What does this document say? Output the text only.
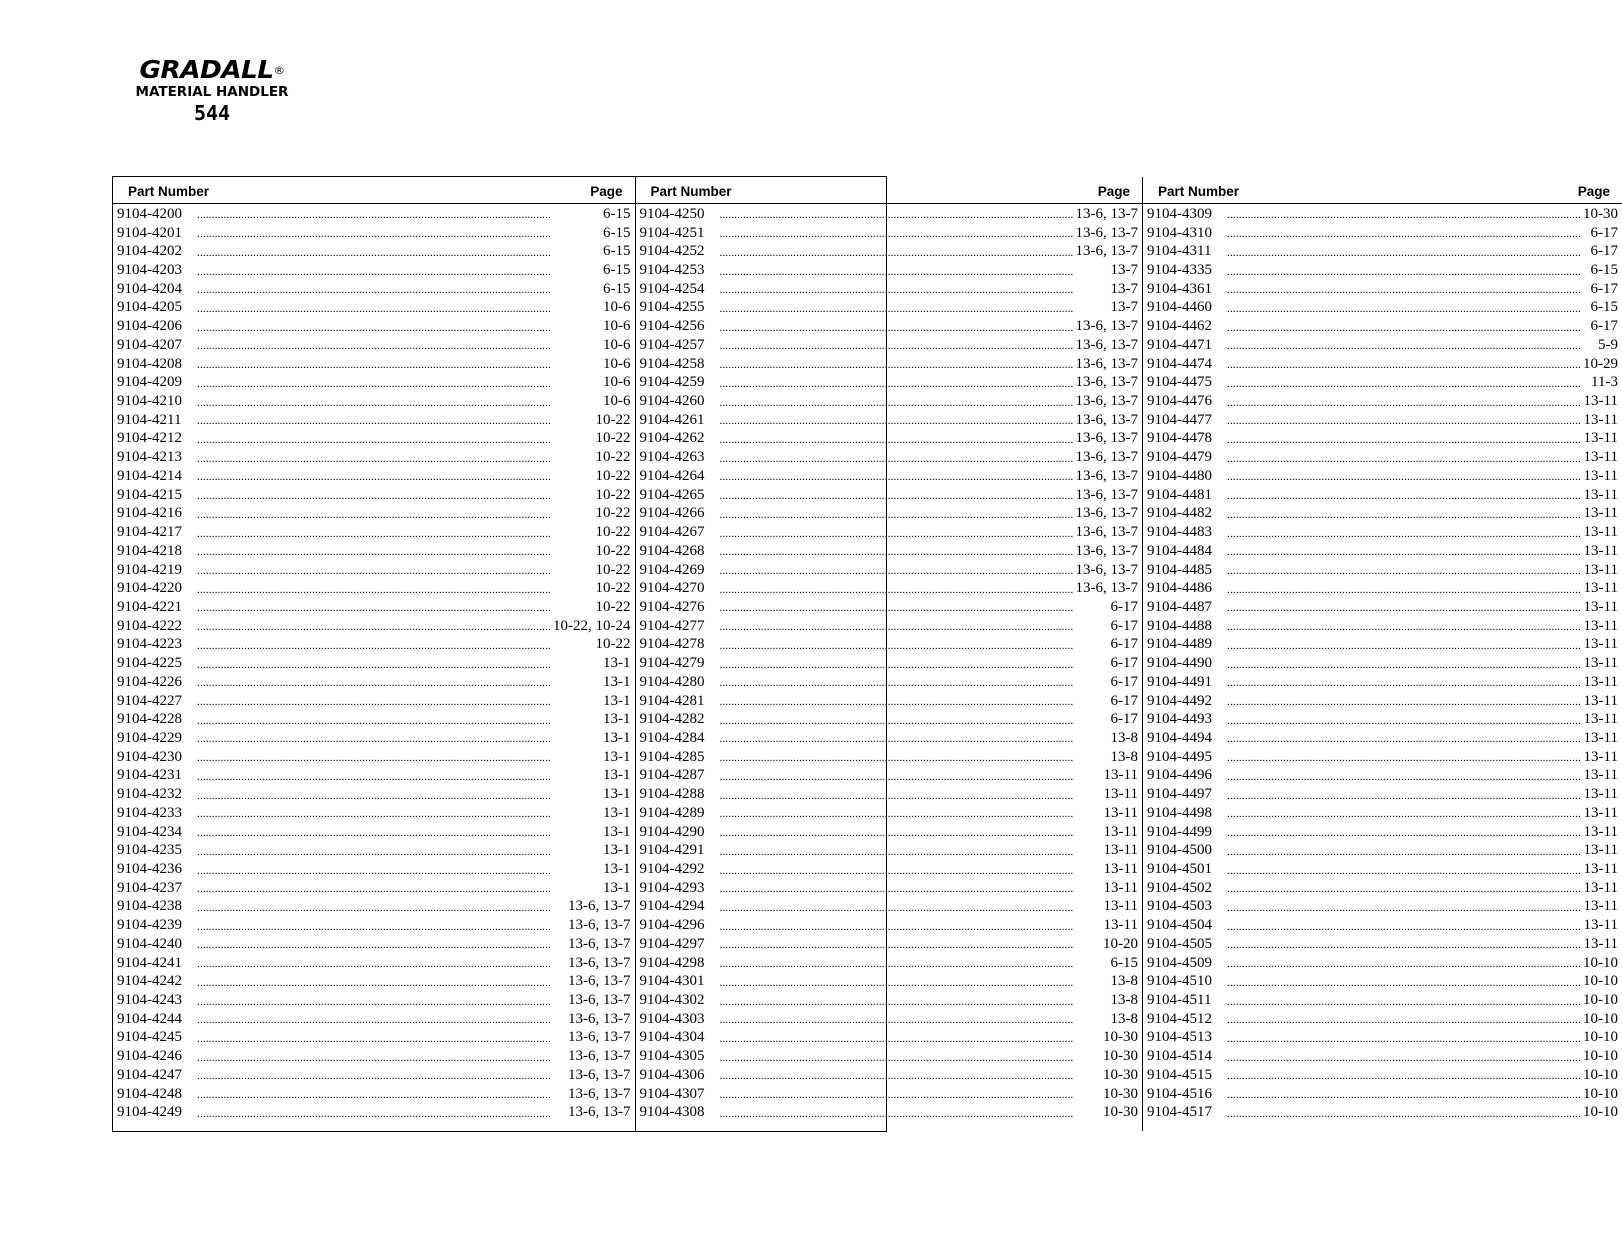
GRADALL®
MATERIAL HANDLER
544
Part Number	Page
9104-4200 .....	6-15
9104-4201 .....	6-15
9104-4202 .....	6-15
9104-4203 .....	6-15
9104-4204 .....	6-15
9104-4205 .....	10-6
9104-4206 .....	10-6
9104-4207 .....	10-6
9104-4208 .....	10-6
9104-4209 .....	10-6
9104-4210 .....	10-6
9104-4211 .....	10-22
9104-4212 .....	10-22
9104-4213 .....	10-22
9104-4214 .....	10-22
9104-4215 .....	10-22
9104-4216 .....	10-22
9104-4217 .....	10-22
9104-4218 .....	10-22
9104-4219 .....	10-22
9104-4220 .....	10-22
9104-4221 .....	10-22
9104-4222 .....	10-22, 10-24
9104-4223 .....	10-22
9104-4225 .....	13-1
9104-4226 .....	13-1
9104-4227 .....	13-1
9104-4228 .....	13-1
9104-4229 .....	13-1
9104-4230 .....	13-1
9104-4231 .....	13-1
9104-4232 .....	13-1
9104-4233 .....	13-1
9104-4234 .....	13-1
9104-4235 .....	13-1
9104-4236 .....	13-1
9104-4237 .....	13-1
9104-4238 .....	13-6, 13-7
9104-4239 .....	13-6, 13-7
9104-4240 .....	13-6, 13-7
9104-4241 .....	13-6, 13-7
9104-4242 .....	13-6, 13-7
9104-4243 .....	13-6, 13-7
9104-4244 .....	13-6, 13-7
9104-4245 .....	13-6, 13-7
9104-4246 .....	13-6, 13-7
9104-4247 .....	13-6, 13-7
9104-4248 .....	13-6, 13-7
9104-4249 .....	13-6, 13-7
Part Number	Page
9104-4250 .....	13-6, 13-7
9104-4251 .....	13-6, 13-7
9104-4252 .....	13-6, 13-7
9104-4253 .....	13-7
9104-4254 .....	13-7
9104-4255 .....	13-7
9104-4256 .....	13-6, 13-7
9104-4257 .....	13-6, 13-7
9104-4258 .....	13-6, 13-7
9104-4259 .....	13-6, 13-7
9104-4260 .....	13-6, 13-7
9104-4261 .....	13-6, 13-7
9104-4262 .....	13-6, 13-7
9104-4263 .....	13-6, 13-7
9104-4264 .....	13-6, 13-7
9104-4265 .....	13-6, 13-7
9104-4266 .....	13-6, 13-7
9104-4267 .....	13-6, 13-7
9104-4268 .....	13-6, 13-7
9104-4269 .....	13-6, 13-7
9104-4270 .....	13-6, 13-7
9104-4276 .....	6-17
9104-4277 .....	6-17
9104-4278 .....	6-17
9104-4279 .....	6-17
9104-4280 .....	6-17
9104-4281 .....	6-17
9104-4282 .....	6-17
9104-4284 .....	13-8
9104-4285 .....	13-8
9104-4287 .....	13-11
9104-4288 .....	13-11
9104-4289 .....	13-11
9104-4290 .....	13-11
9104-4291 .....	13-11
9104-4292 .....	13-11
9104-4293 .....	13-11
9104-4294 .....	13-11
9104-4296 .....	13-11
9104-4297 .....	10-20
9104-4298 .....	6-15
9104-4301 .....	13-8
9104-4302 .....	13-8
9104-4303 .....	13-8
9104-4304 .....	10-30
9104-4305 .....	10-30
9104-4306 .....	10-30
9104-4307 .....	10-30
9104-4308 .....	10-30
Part Number	Page
9104-4309 .....	10-30
9104-4310 .....	6-17
9104-4311 .....	6-17
9104-4335 .....	6-15
9104-4361 .....	6-17
9104-4460 .....	6-15
9104-4462 .....	6-17
9104-4471 .....	5-9
9104-4474 .....	10-29
9104-4475 .....	11-3
9104-4476 .....	13-11
9104-4477 .....	13-11
9104-4478 .....	13-11
9104-4479 .....	13-11
9104-4480 .....	13-11
9104-4481 .....	13-11
9104-4482 .....	13-11
9104-4483 .....	13-11
9104-4484 .....	13-11
9104-4485 .....	13-11
9104-4486 .....	13-11
9104-4487 .....	13-11
9104-4488 .....	13-11
9104-4489 .....	13-11
9104-4490 .....	13-11
9104-4491 .....	13-11
9104-4492 .....	13-11
9104-4493 .....	13-11
9104-4494 .....	13-11
9104-4495 .....	13-11
9104-4496 .....	13-11
9104-4497 .....	13-11
9104-4498 .....	13-11
9104-4499 .....	13-11
9104-4500 .....	13-11
9104-4501 .....	13-11
9104-4502 .....	13-11
9104-4503 .....	13-11
9104-4504 .....	13-11
9104-4505 .....	13-11
9104-4509 .....	10-10
9104-4510 .....	10-10
9104-4511 .....	10-10
9104-4512 .....	10-10
9104-4513 .....	10-10
9104-4514 .....	10-10
9104-4515 .....	10-10
9104-4516 .....	10-10
9104-4517 .....	10-10
